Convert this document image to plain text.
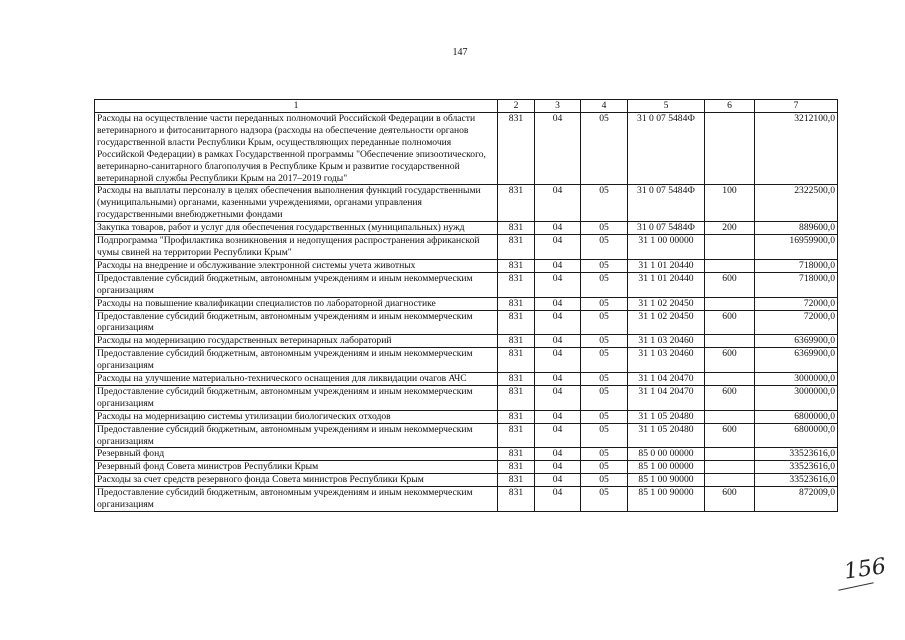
147
1	2	3	4	5	6	7
Расходы на осуществление части переданных полномочий Российской Федерации в области ветеринарного и фитосанитарного надзора (расходы на обеспечение деятельности органов государственной власти Республики Крым, осуществляющих переданные полномочия Российской Федерации) в рамках Государственной программы "Обеспечение эпизоотического, ветеринарно-санитарного благополучия в Республике Крым и развитие государственной ветеринарной службы Республики Крым на 2017–2019 годы"	831	04	05	31 0 07 5484Ф		3212100,0
Расходы на выплаты персоналу в целях обеспечения выполнения функций государственными (муниципальными) органами, казенными учреждениями, органами управления государственными внебюджетными фондами	831	04	05	31 0 07 5484Ф	100	2322500,0
Закупка товаров, работ и услуг для обеспечения государственных (муниципальных) нужд	831	04	05	31 0 07 5484Ф	200	889600,0
Подпрограмма "Профилактика возникновения и недопущения распространения африканской чумы свиней на территории Республики Крым"	831	04	05	31 1 00 00000		16959900,0
Расходы на внедрение и обслуживание электронной системы учета животных	831	04	05	31 1 01 20440		718000,0
Предоставление субсидий бюджетным, автономным учреждениям и иным некоммерческим организациям	831	04	05	31 1 01 20440	600	718000,0
Расходы на повышение квалификации специалистов по лабораторной диагностике	831	04	05	31 1 02 20450		72000,0
Предоставление субсидий бюджетным, автономным учреждениям и иным некоммерческим организациям	831	04	05	31 1 02 20450	600	72000,0
Расходы на модернизацию государственных ветеринарных лабораторий	831	04	05	31 1 03 20460		6369900,0
Предоставление субсидий бюджетным, автономным учреждениям и иным некоммерческим организациям	831	04	05	31 1 03 20460	600	6369900,0
Расходы на улучшение материально-технического оснащения для ликвидации очагов АЧС	831	04	05	31 1 04 20470		3000000,0
Предоставление субсидий бюджетным, автономным учреждениям и иным некоммерческим организациям	831	04	05	31 1 04 20470	600	3000000,0
Расходы на модернизацию системы утилизации биологических отходов	831	04	05	31 1 05 20480		6800000,0
Предоставление субсидий бюджетным, автономным учреждениям и иным некоммерческим организациям	831	04	05	31 1 05 20480	600	6800000,0
Резервный фонд	831	04	05	85 0 00 00000		33523616,0
Резервный фонд Совета министров Республики Крым	831	04	05	85 1 00 00000		33523616,0
Расходы за счет средств резервного фонда Совета министров Республики Крым	831	04	05	85 1 00 90000		33523616,0
Предоставление субсидий бюджетным, автономным учреждениям и иным некоммерческим организациям	831	04	05	85 1 00 90000	600	872009,0
156
